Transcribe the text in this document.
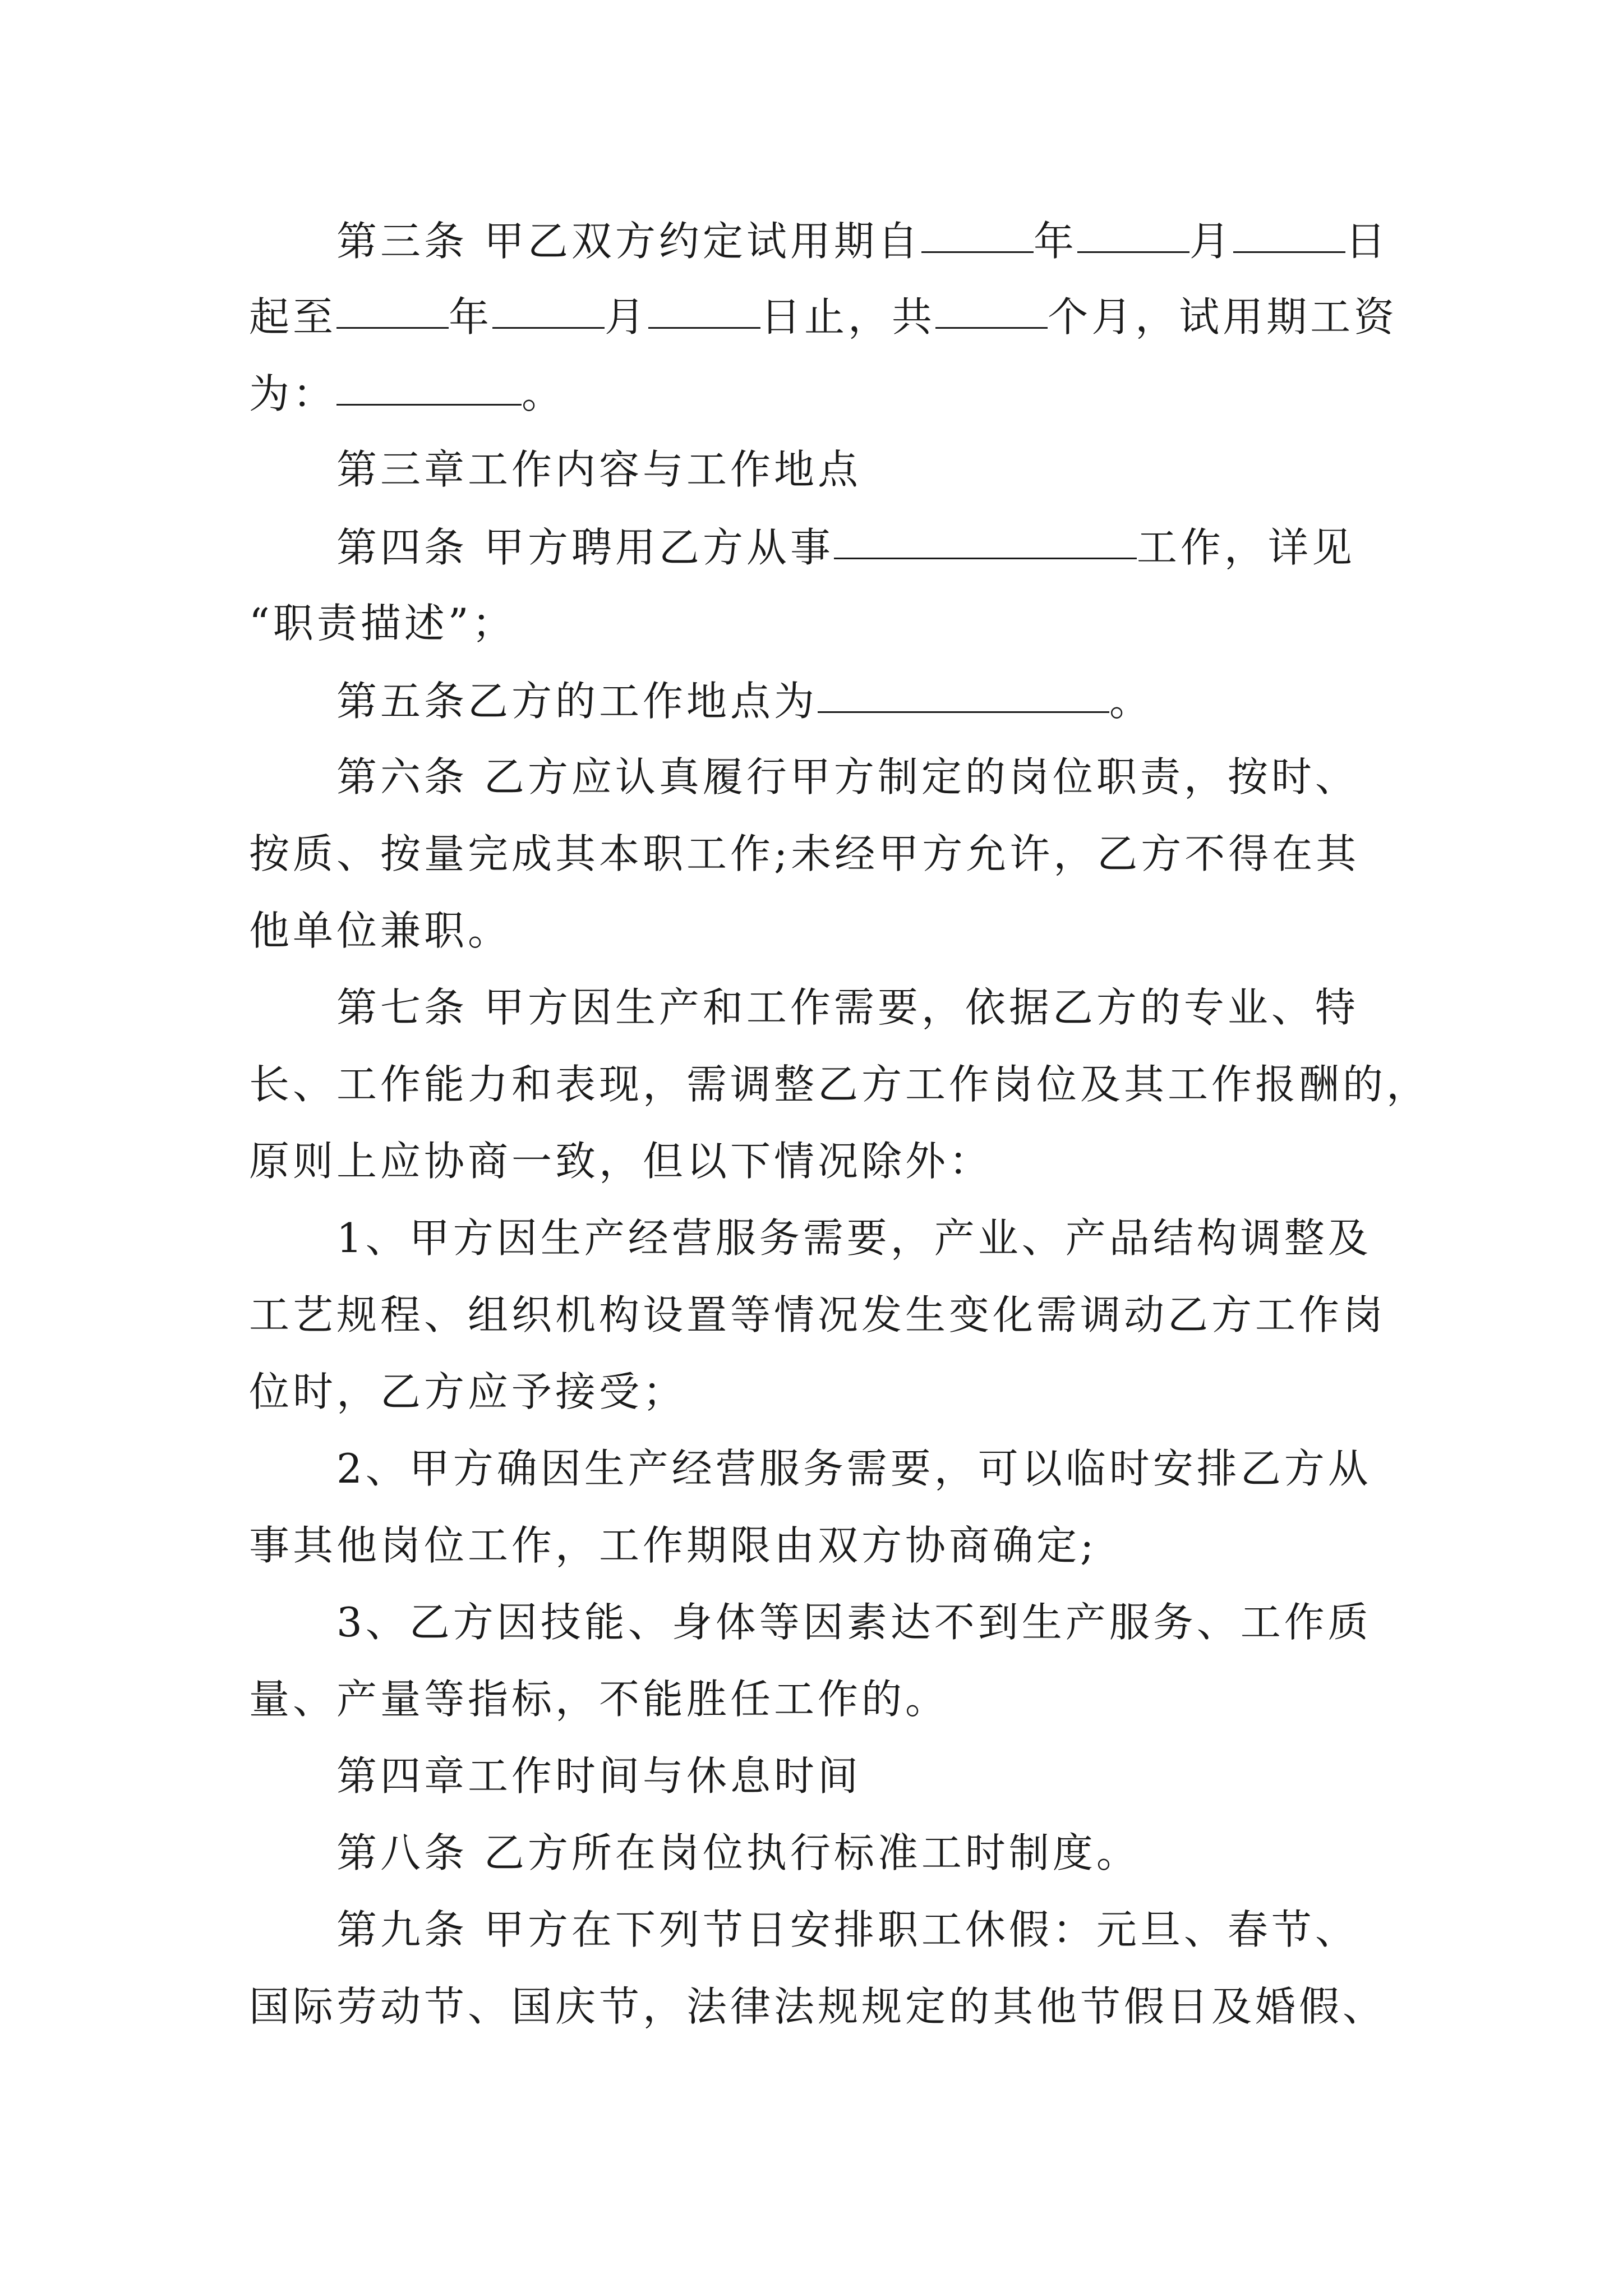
第三条 甲乙双方约定试用期自	年	月	日
起至	年	月	日止，共	个月，试用期工资
为：	。
第三章工作内容与工作地点
第四条 甲方聘用乙方从事	工作，详见
“职责描述”；
第五条乙方的工作地点为	。
第六条 乙方应认真履行甲方制定的岗位职责，按时、
按质、按量完成其本职工作;未经甲方允许，乙方不得在其
他单位兼职。
第七条 甲方因生产和工作需要，依据乙方的专业、特
长、工作能力和表现，需调整乙方工作岗位及其工作报酬的，
原则上应协商一致，但以下情况除外：
1、甲方因生产经营服务需要，产业、产品结构调整及
工艺规程、组织机构设置等情况发生变化需调动乙方工作岗
位时，乙方应予接受；
2、甲方确因生产经营服务需要，可以临时安排乙方从
事其他岗位工作，工作期限由双方协商确定;
3、乙方因技能、身体等因素达不到生产服务、工作质
量、产量等指标，不能胜任工作的。
第四章工作时间与休息时间
第八条 乙方所在岗位执行标准工时制度。
第九条 甲方在下列节日安排职工休假：元旦、春节、
国际劳动节、国庆节，法律法规规定的其他节假日及婚假、
